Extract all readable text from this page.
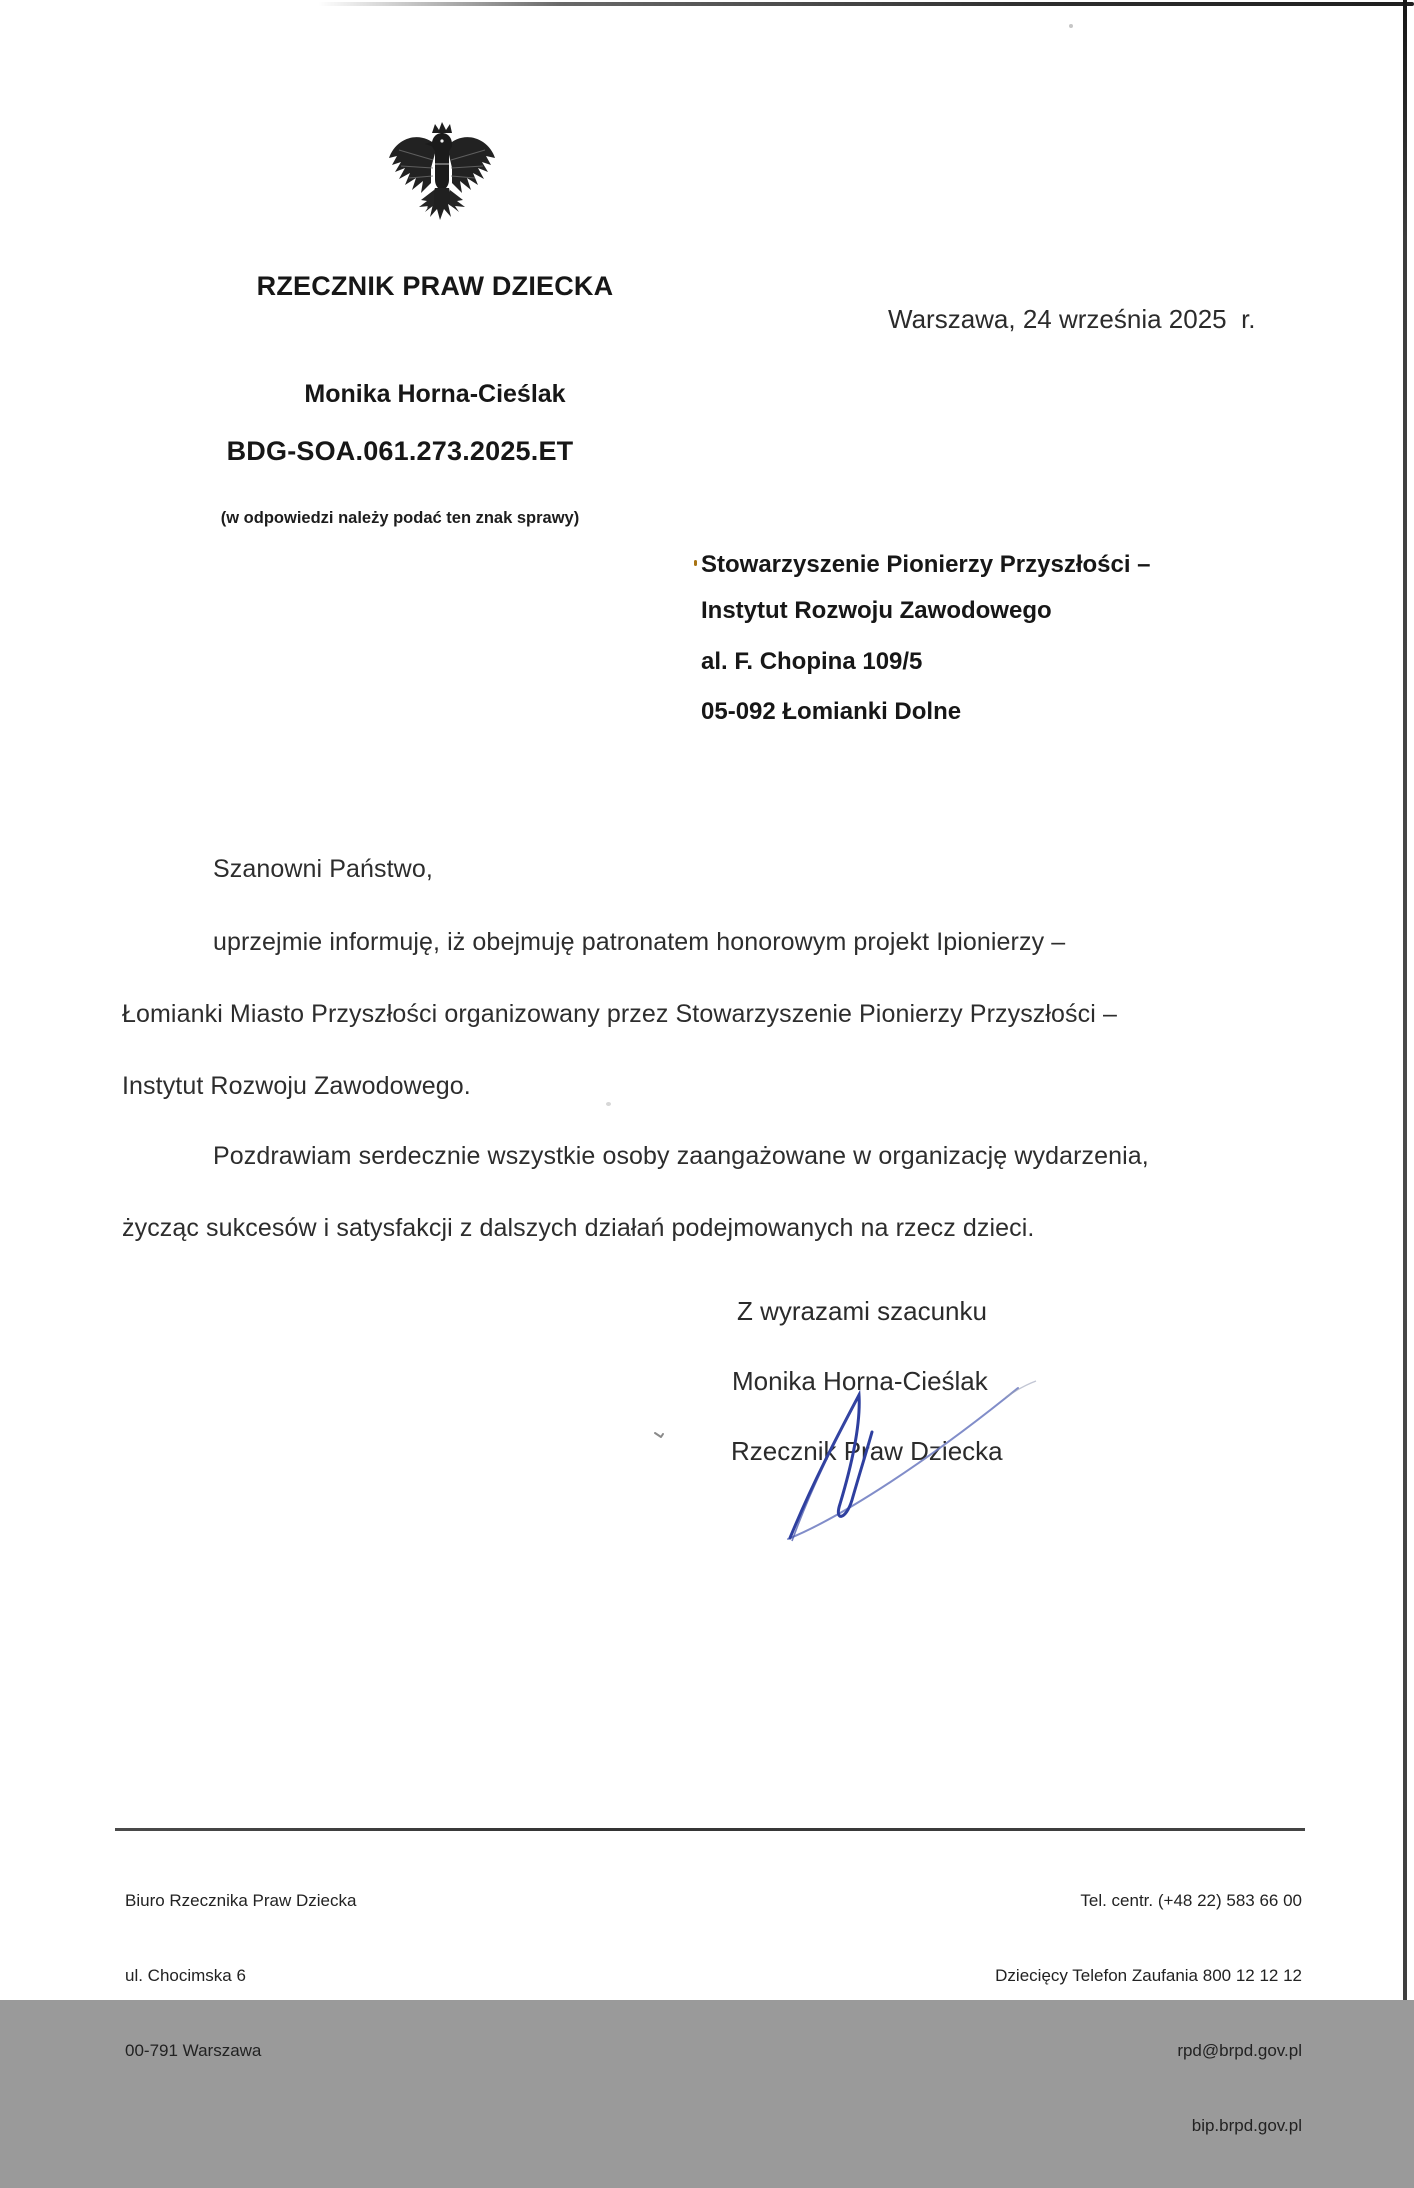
RZECZNIK PRAW DZIECKA

Monika Horna-Cieślak

Warszawa, 24 września 2025  r.

BDG-SOA.061.273.2025.ET

(w odpowiedzi należy podać ten znak sprawy)

Stowarzyszenie Pionierzy Przyszłości –
Instytut Rozwoju Zawodowego
al. F. Chopina 109/5
05-092 Łomianki Dolne
Szanowni Państwo,
uprzejmie informuję, iż obejmuję patronatem honorowym projekt Ipionierzy –
Łomianki Miasto Przyszłości organizowany przez Stowarzyszenie Pionierzy Przyszłości –
Instytut Rozwoju Zawodowego.
Pozdrawiam serdecznie wszystkie osoby zaangażowane w organizację wydarzenia,
życząc sukcesów i satysfakcji z dalszych działań podejmowanych na rzecz dzieci.
Z wyrazami szacunku
Monika Horna-Cieślak
Rzecznik Praw Dziecka

Biuro Rzecznika Praw Dziecka

ul. Chocimska 6

00-791 Warszawa

Tel. centr. (+48 22) 583 66 00

Dziecięcy Telefon Zaufania 800 12 12 12

rpd@brpd.gov.pl

bip.brpd.gov.pl
